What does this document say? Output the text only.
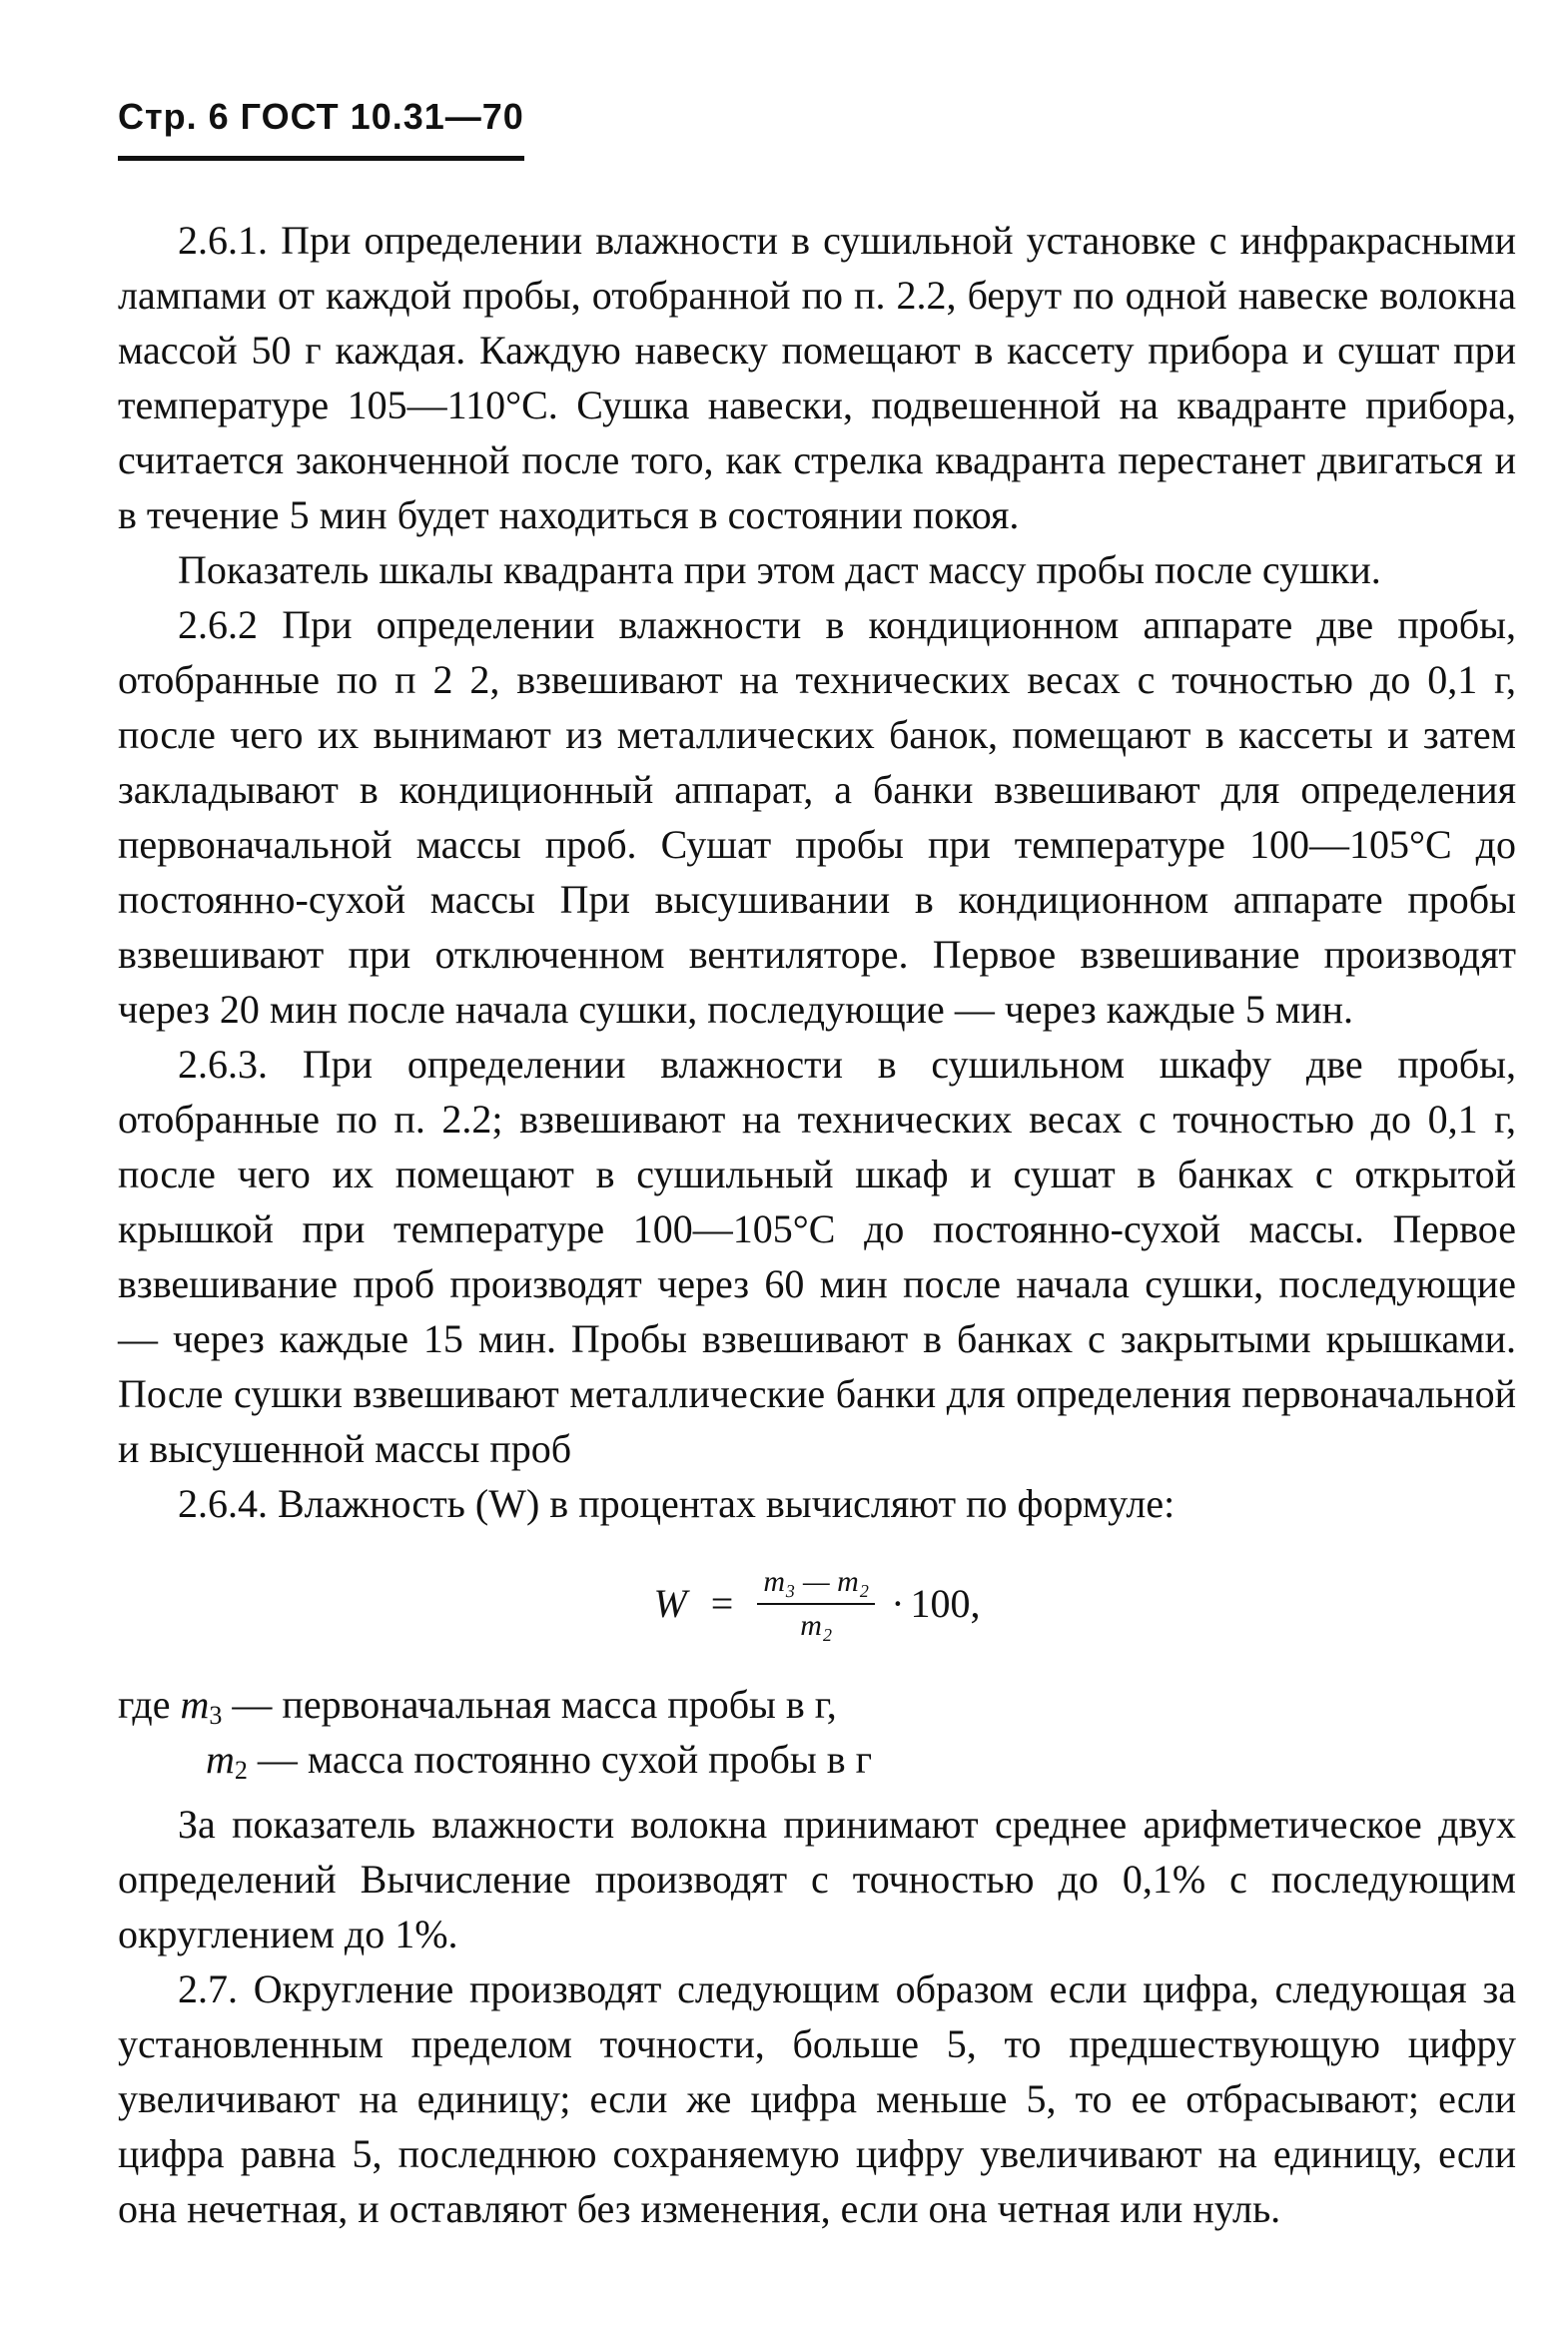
Стр. 6 ГОСТ 10.31—70

2.6.1. При определении влажности в сушильной установке с инфракрасными лампами от каждой пробы, отобранной по п. 2.2, берут по одной навеске волокна массой 50 г каждая. Каждую навеску помещают в кассету прибора и сушат при температуре 105—110°С. Сушка навески, подвешенной на квадранте прибора, считается законченной после того, как стрелка квадранта перестанет двигаться и в течение 5 мин будет находиться в состоянии покоя.

Показатель шкалы квадранта при этом даст массу пробы после сушки.

2.6.2 При определении влажности в кондиционном аппарате две пробы, отобранные по п 2 2, взвешивают на технических весах с точностью до 0,1 г, после чего их вынимают из металлических банок, помещают в кассеты и затем закладывают в кондиционный аппарат, а банки взвешивают для определения первоначальной массы проб. Сушат пробы при температуре 100—105°С до постоянно-сухой массы При высушивании в кондиционном аппарате пробы взвешивают при отключенном вентиляторе. Первое взвешивание производят через 20 мин после начала сушки, последующие — через каждые 5 мин.

2.6.3. При определении влажности в сушильном шкафу две пробы, отобранные по п. 2.2; взвешивают на технических весах с точностью до 0,1 г, после чего их помещают в сушильный шкаф и сушат в банках с открытой крышкой при температуре 100—105°С до постоянно-сухой массы. Первое взвешивание проб производят через 60 мин после начала сушки, последующие — через каждые 15 мин. Пробы взвешивают в банках с закрытыми крышками. После сушки взвешивают металлические банки для определения первоначальной и высушенной массы проб

2.6.4. Влажность (W) в процентах вычисляют по формуле:

$W = \frac{\text{m₃ — m₂}}{\text{m₂}} \cdot 100$,
где $m_3$ — первоначальная масса пробы в г,
$m_2$ — масса постоянно сухой пробы в г

За показатель влажности волокна принимают среднее арифметическое двух определений Вычисление производят с точностью до 0,1% с последующим округлением до 1%.

2.7. Округление производят следующим образом если цифра, следующая за установленным пределом точности, больше 5, то предшествующую цифру увеличивают на единицу; если же цифра меньше 5, то ее отбрасывают; если цифра равна 5, последнюю сохраняемую цифру увеличивают на единицу, если она нечетная, и оставляют без изменения, если она четная или нуль.
